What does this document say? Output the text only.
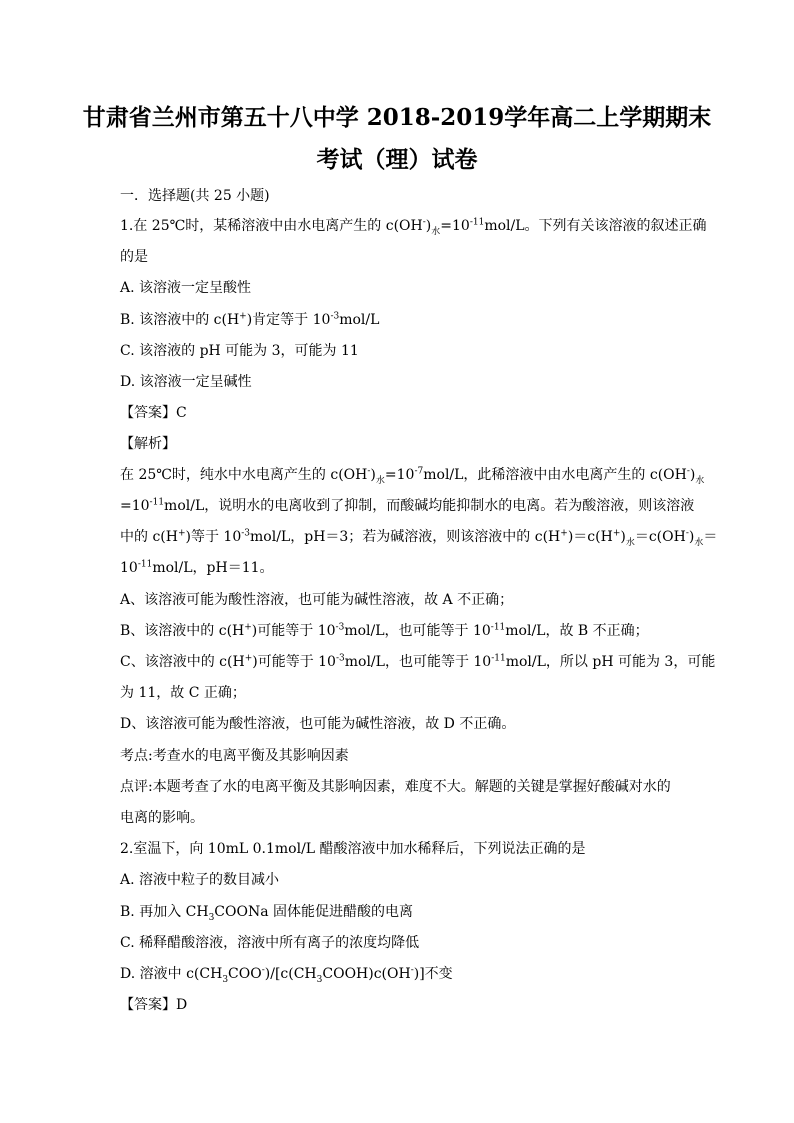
甘肃省兰州市第五十八中学 2018-2019学年高二上学期期末
考试（理）试卷
一．选择题(共 25 小题)
1.在 25℃时，某稀溶液中由水电离产生的 $c(OH^-)_水=10^{-11}mol/L$。下列有关该溶液的叙述正确
的是
A. 该溶液一定呈酸性
B. 该溶液中的 c(H+)肯定等于 $10^{-3}mol/L$
C. 该溶液的 pH 可能为 3，可能为 11
D. 该溶液一定呈碱性
【答案】C
【解析】
在 25℃时，纯水中水电离产生的 $c(OH^-)_水=10^{-7}mol/L$，此稀溶液中由水电离产生的 $c(OH^-)_水$
$=10^{-11}mol/L$，说明水的电离收到了抑制，而酸碱均能抑制水的电离。若为酸溶液，则该溶液
中的 c(H+)等于 $10^{-3}mol/L$，pH＝3；若为碱溶液，则该溶液中的 $c(H^+)=c(H^+)_水=c(OH^-)_水=$
$10^{-11}mol/L$，pH＝11。
A、该溶液可能为酸性溶液，也可能为碱性溶液，故 A 不正确；
B、该溶液中的 c(H+)可能等于 $10^{-3}mol/L$，也可能等于 $10^{-11}mol/L$，故 B 不正确；
C、该溶液中的 c(H+)可能等于 $10^{-3}mol/L$，也可能等于 $10^{-11}mol/L$，所以 pH 可能为 3，可能
为 11，故 C 正确；
D、该溶液可能为酸性溶液，也可能为碱性溶液，故 D 不正确。
考点:考查水的电离平衡及其影响因素
点评:本题考查了水的电离平衡及其影响因素，难度不大。解题的关键是掌握好酸碱对水的
电离的影响。
2.室温下，向 10mL 0.1mol/L 醋酸溶液中加水稀释后，下列说法正确的是
A. 溶液中粒子的数目减小
B. 再加入 $CH_3COONa$ 固体能促进醋酸的电离
C. 稀释醋酸溶液，溶液中所有离子的浓度均降低
D. 溶液中 $c(CH_3COO^-)/[c(CH_3COOH)c(OH^-)]$不变
【答案】D
